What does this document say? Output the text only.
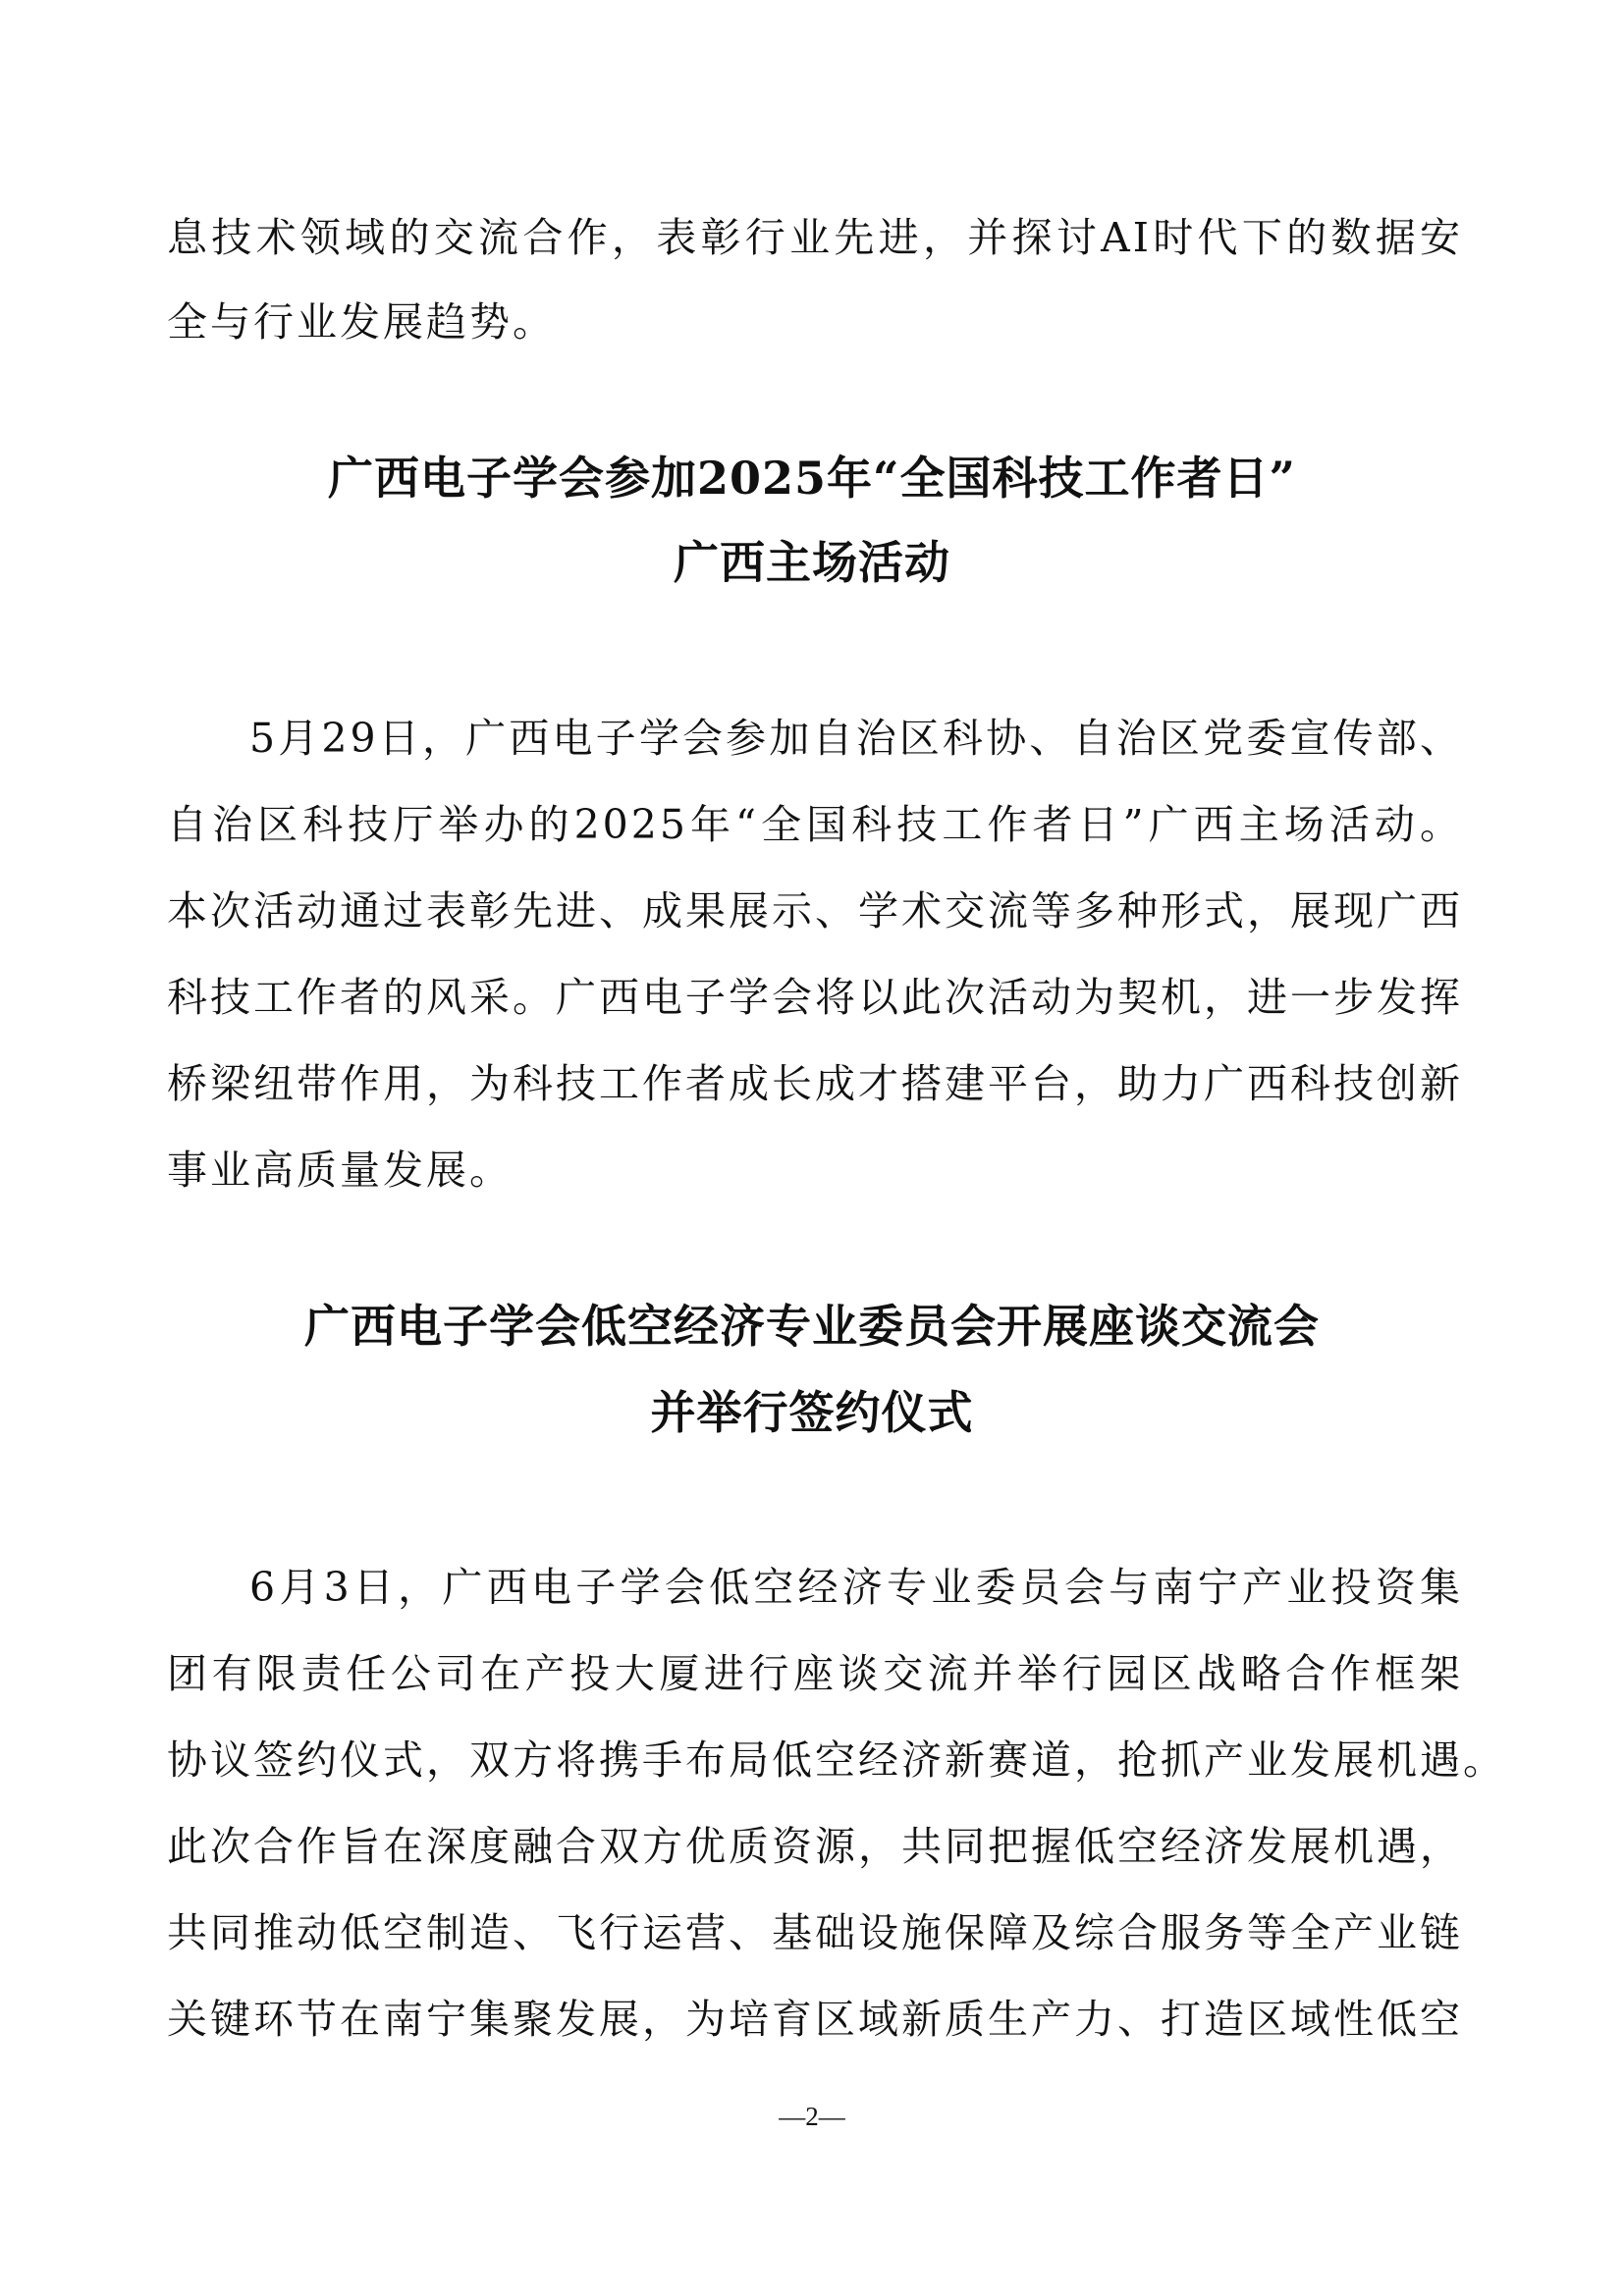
息技术领域的交流合作，表彰行业先进，并探讨AI时代下的数据安
全与行业发展趋势。
广西电子学会参加2025年“全国科技工作者日”
广西主场活动
5月29日，广西电子学会参加自治区科协、自治区党委宣传部、
自治区科技厅举办的2025年“全国科技工作者日”广西主场活动。
本次活动通过表彰先进、成果展示、学术交流等多种形式，展现广西
科技工作者的风采。广西电子学会将以此次活动为契机，进一步发挥
桥梁纽带作用，为科技工作者成长成才搭建平台，助力广西科技创新
事业高质量发展。
广西电子学会低空经济专业委员会开展座谈交流会
并举行签约仪式
6月3日，广西电子学会低空经济专业委员会与南宁产业投资集
团有限责任公司在产投大厦进行座谈交流并举行园区战略合作框架
协议签约仪式，双方将携手布局低空经济新赛道，抢抓产业发展机遇。
此次合作旨在深度融合双方优质资源，共同把握低空经济发展机遇，
共同推动低空制造、飞行运营、基础设施保障及综合服务等全产业链
关键环节在南宁集聚发展，为培育区域新质生产力、打造区域性低空
—2—
